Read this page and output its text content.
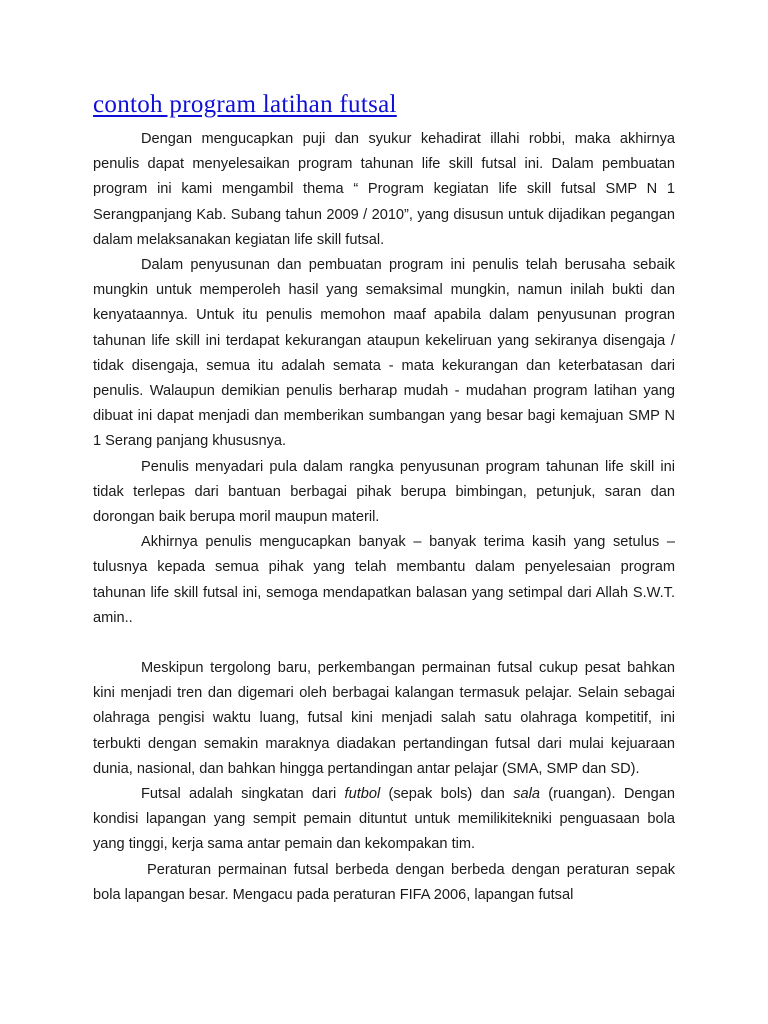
contoh program latihan futsal

Dengan mengucapkan puji dan syukur kehadirat illahi robbi, maka akhirnya penulis dapat menyelesaikan program tahunan life skill futsal ini. Dalam pembuatan program ini kami mengambil thema “ Program kegiatan life skill futsal SMP N 1 Serangpanjang Kab. Subang tahun 2009 / 2010”, yang disusun untuk dijadikan pegangan dalam melaksanakan kegiatan life skill futsal.

Dalam penyusunan dan pembuatan program ini penulis telah berusaha sebaik mungkin untuk memperoleh hasil yang semaksimal mungkin, namun inilah bukti dan kenyataannya. Untuk itu penulis memohon maaf apabila dalam penyusunan progran tahunan life skill ini terdapat kekurangan ataupun kekeliruan yang sekiranya disengaja / tidak disengaja, semua itu adalah semata - mata kekurangan dan keterbatasan dari penulis. Walaupun demikian penulis berharap mudah - mudahan program latihan yang dibuat ini dapat menjadi dan memberikan sumbangan yang besar bagi kemajuan SMP N 1 Serang panjang khususnya.

Penulis menyadari pula dalam rangka penyusunan program tahunan life skill ini tidak terlepas dari bantuan berbagai pihak berupa bimbingan, petunjuk, saran dan dorongan baik berupa moril maupun materil.

Akhirnya penulis mengucapkan banyak – banyak terima kasih yang setulus – tulusnya kepada semua pihak yang telah membantu dalam penyelesaian program tahunan life skill futsal ini, semoga mendapatkan balasan yang setimpal dari Allah S.W.T. amin..

Meskipun tergolong baru, perkembangan permainan futsal cukup pesat bahkan kini menjadi tren dan digemari oleh berbagai kalangan termasuk pelajar. Selain sebagai olahraga pengisi waktu luang, futsal kini menjadi salah satu olahraga kompetitif, ini terbukti dengan semakin maraknya diadakan pertandingan futsal dari mulai kejuaraan dunia, nasional, dan bahkan hingga pertandingan antar pelajar (SMA, SMP dan SD).

Futsal adalah singkatan dari futbol (sepak bols) dan sala (ruangan). Dengan kondisi lapangan yang sempit pemain dituntut untuk memilikitekniki penguasaan bola yang tinggi, kerja sama antar pemain dan kekompakan tim.

Peraturan permainan futsal berbeda dengan berbeda dengan peraturan sepak bola lapangan besar. Mengacu pada peraturan FIFA 2006, lapangan futsal
